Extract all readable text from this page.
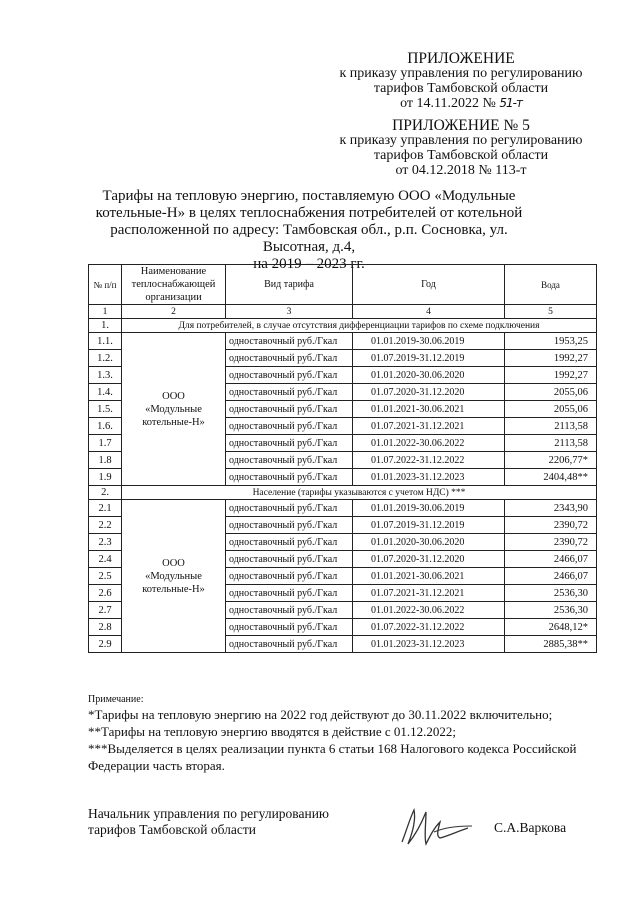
ПРИЛОЖЕНИЕ
к приказу управления по регулированию
тарифов Тамбовской области
от 14.11.2022 № 51-т
ПРИЛОЖЕНИЕ № 5
к приказу управления по регулированию
тарифов Тамбовской области
от 04.12.2018 № 113-т
Тарифы на тепловую энергию, поставляемую ООО «Модульные
котельные-Н» в целях теплоснабжения потребителей от котельной
расположенной по адресу: Тамбовская обл., р.п. Сосновка, ул. Высотная, д.4,
на 2019 – 2023 гг.
№ п/п	Наименование теплоснабжающей организации	Вид тарифа	Год	Вода
1	2	3	4	5
1.	Для потребителей, в случае отсутствия дифференциации тарифов по схеме подключения			
1.1.	ООО
«Модульные
котельные-Н»	одноставочный руб./Гкал	01.01.2019-30.06.2019	1953,25
1.2.		одноставочный руб./Гкал	01.07.2019-31.12.2019	1992,27
1.3.		одноставочный руб./Гкал	01.01.2020-30.06.2020	1992,27
1.4.		одноставочный руб./Гкал	01.07.2020-31.12.2020	2055,06
1.5.		одноставочный руб./Гкал	01.01.2021-30.06.2021	2055,06
1.6.		одноставочный руб./Гкал	01.07.2021-31.12.2021	2113,58
1.7		одноставочный руб./Гкал	01.01.2022-30.06.2022	2113,58
1.8		одноставочный руб./Гкал	01.07.2022-31.12.2022	2206,77*
1.9		одноставочный руб./Гкал	01.01.2023-31.12.2023	2404,48**
2.	Население (тарифы указываются с учетом НДС) ***			
2.1	ООО
«Модульные
котельные-Н»	одноставочный руб./Гкал	01.01.2019-30.06.2019	2343,90
2.2		одноставочный руб./Гкал	01.07.2019-31.12.2019	2390,72
2.3		одноставочный руб./Гкал	01.01.2020-30.06.2020	2390,72
2.4		одноставочный руб./Гкал	01.07.2020-31.12.2020	2466,07
2.5		одноставочный руб./Гкал	01.01.2021-30.06.2021	2466,07
2.6		одноставочный руб./Гкал	01.07.2021-31.12.2021	2536,30
2.7		одноставочный руб./Гкал	01.01.2022-30.06.2022	2536,30
2.8		одноставочный руб./Гкал	01.07.2022-31.12.2022	2648,12*
2.9		одноставочный руб./Гкал	01.01.2023-31.12.2023	2885,38**
Примечание:
*Тарифы на тепловую энергию на 2022 год действуют до 30.11.2022 включительно;
**Тарифы на тепловую энергию вводятся в действие с 01.12.2022;
***Выделяется в целях реализации пункта 6 статьи 168 Налогового кодекса Российской Федерации часть вторая.
Начальник управления по регулированию
тарифов Тамбовской области	С.А.Варкова
